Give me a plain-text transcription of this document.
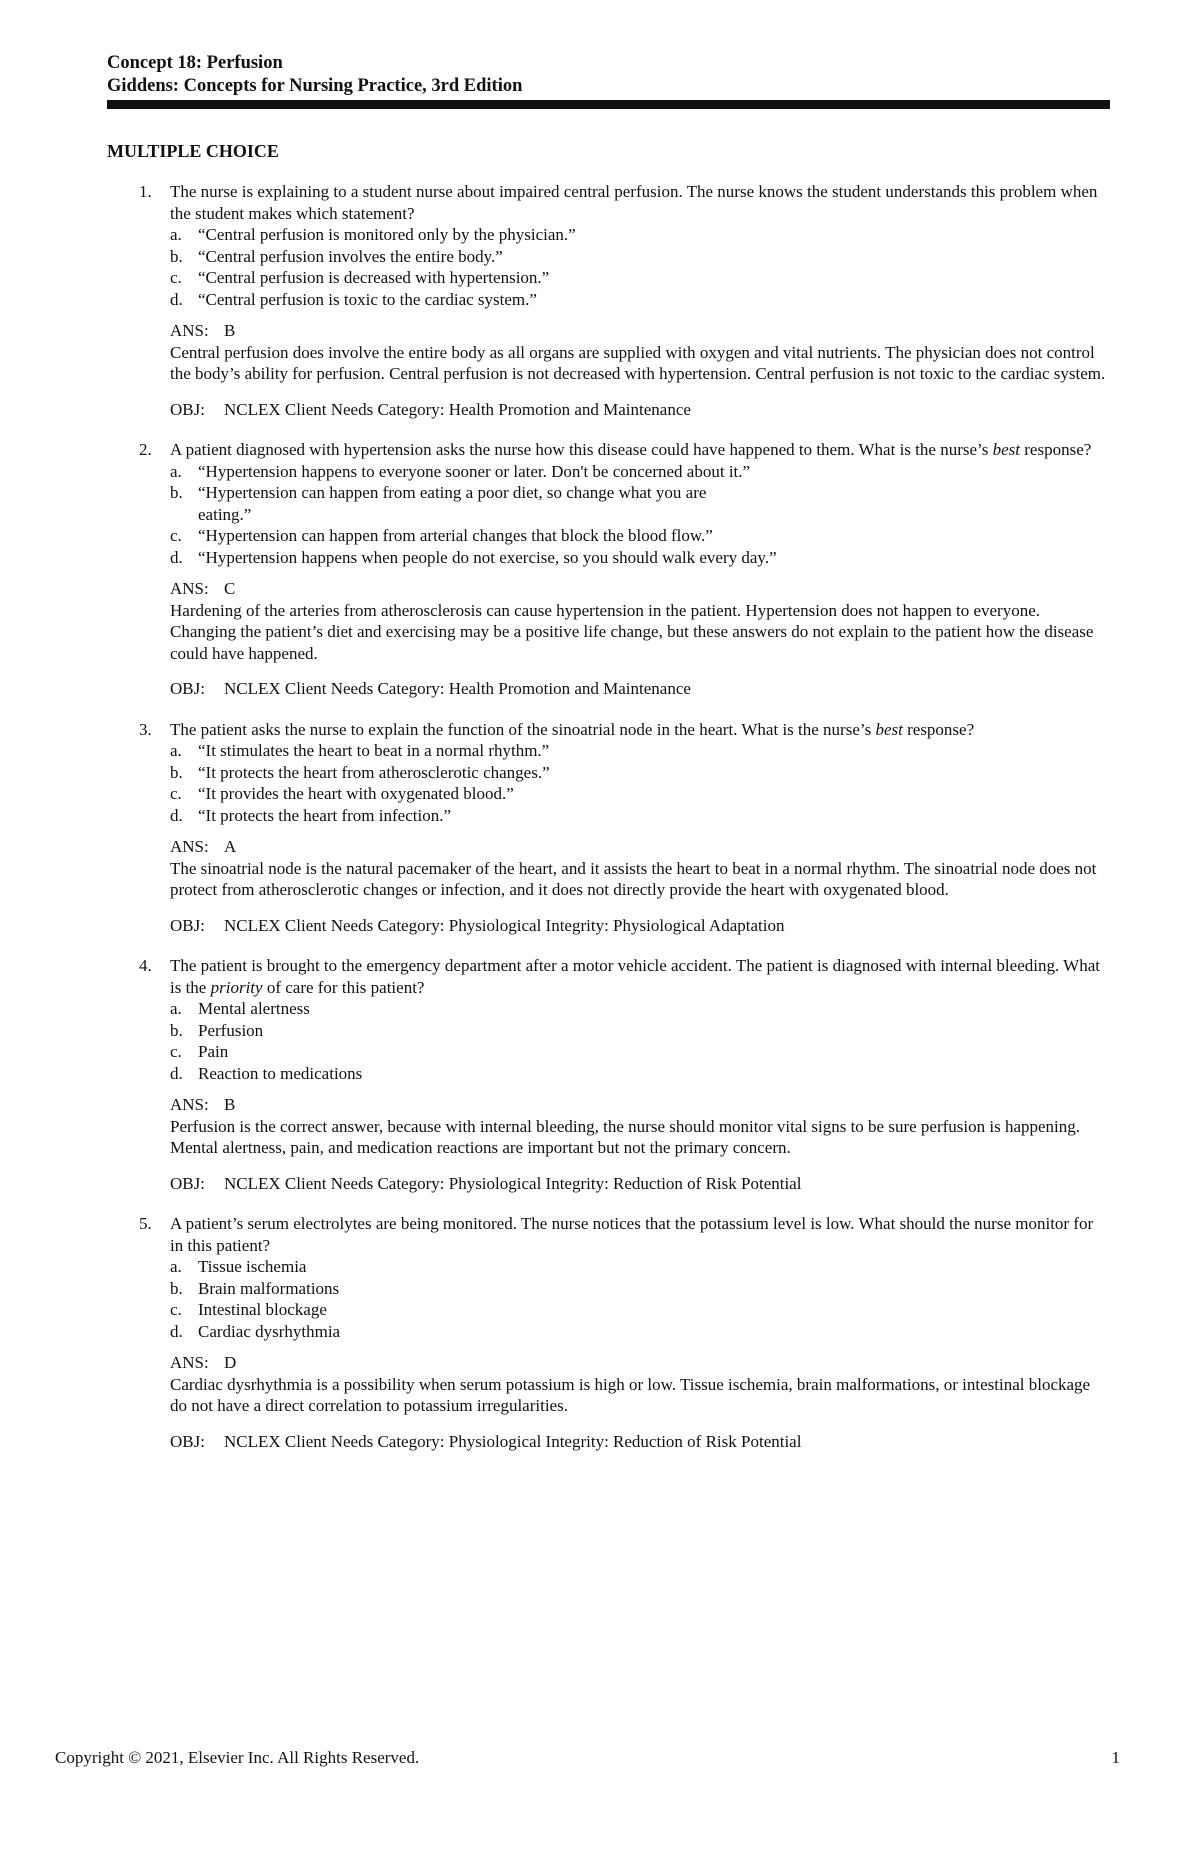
Concept 18: Perfusion
Giddens: Concepts for Nursing Practice, 3rd Edition
MULTIPLE CHOICE
1. The nurse is explaining to a student nurse about impaired central perfusion. The nurse knows the student understands this problem when the student makes which statement?
a. “Central perfusion is monitored only by the physician.”
b. “Central perfusion involves the entire body.”
c. “Central perfusion is decreased with hypertension.”
d. “Central perfusion is toxic to the cardiac system.”
ANS: B
Central perfusion does involve the entire body as all organs are supplied with oxygen and vital nutrients. The physician does not control the body’s ability for perfusion. Central perfusion is not decreased with hypertension. Central perfusion is not toxic to the cardiac system.
OBJ: NCLEX Client Needs Category: Health Promotion and Maintenance
2. A patient diagnosed with hypertension asks the nurse how this disease could have happened to them. What is the nurse’s best response?
a. “Hypertension happens to everyone sooner or later. Don't be concerned about it.”
b. “Hypertension can happen from eating a poor diet, so change what you are eating.”
c. “Hypertension can happen from arterial changes that block the blood flow.”
d. “Hypertension happens when people do not exercise, so you should walk every day.”
ANS: C
Hardening of the arteries from atherosclerosis can cause hypertension in the patient. Hypertension does not happen to everyone. Changing the patient’s diet and exercising may be a positive life change, but these answers do not explain to the patient how the disease could have happened.
OBJ: NCLEX Client Needs Category: Health Promotion and Maintenance
3. The patient asks the nurse to explain the function of the sinoatrial node in the heart. What is the nurse’s best response?
a. “It stimulates the heart to beat in a normal rhythm.”
b. “It protects the heart from atherosclerotic changes.”
c. “It provides the heart with oxygenated blood.”
d. “It protects the heart from infection.”
ANS: A
The sinoatrial node is the natural pacemaker of the heart, and it assists the heart to beat in a normal rhythm. The sinoatrial node does not protect from atherosclerotic changes or infection, and it does not directly provide the heart with oxygenated blood.
OBJ: NCLEX Client Needs Category: Physiological Integrity: Physiological Adaptation
4. The patient is brought to the emergency department after a motor vehicle accident. The patient is diagnosed with internal bleeding. What is the priority of care for this patient?
a. Mental alertness
b. Perfusion
c. Pain
d. Reaction to medications
ANS: B
Perfusion is the correct answer, because with internal bleeding, the nurse should monitor vital signs to be sure perfusion is happening. Mental alertness, pain, and medication reactions are important but not the primary concern.
OBJ: NCLEX Client Needs Category: Physiological Integrity: Reduction of Risk Potential
5. A patient’s serum electrolytes are being monitored. The nurse notices that the potassium level is low. What should the nurse monitor for in this patient?
a. Tissue ischemia
b. Brain malformations
c. Intestinal blockage
d. Cardiac dysrhythmia
ANS: D
Cardiac dysrhythmia is a possibility when serum potassium is high or low. Tissue ischemia, brain malformations, or intestinal blockage do not have a direct correlation to potassium irregularities.
OBJ: NCLEX Client Needs Category: Physiological Integrity: Reduction of Risk Potential
Copyright © 2021, Elsevier Inc. All Rights Reserved.	1
